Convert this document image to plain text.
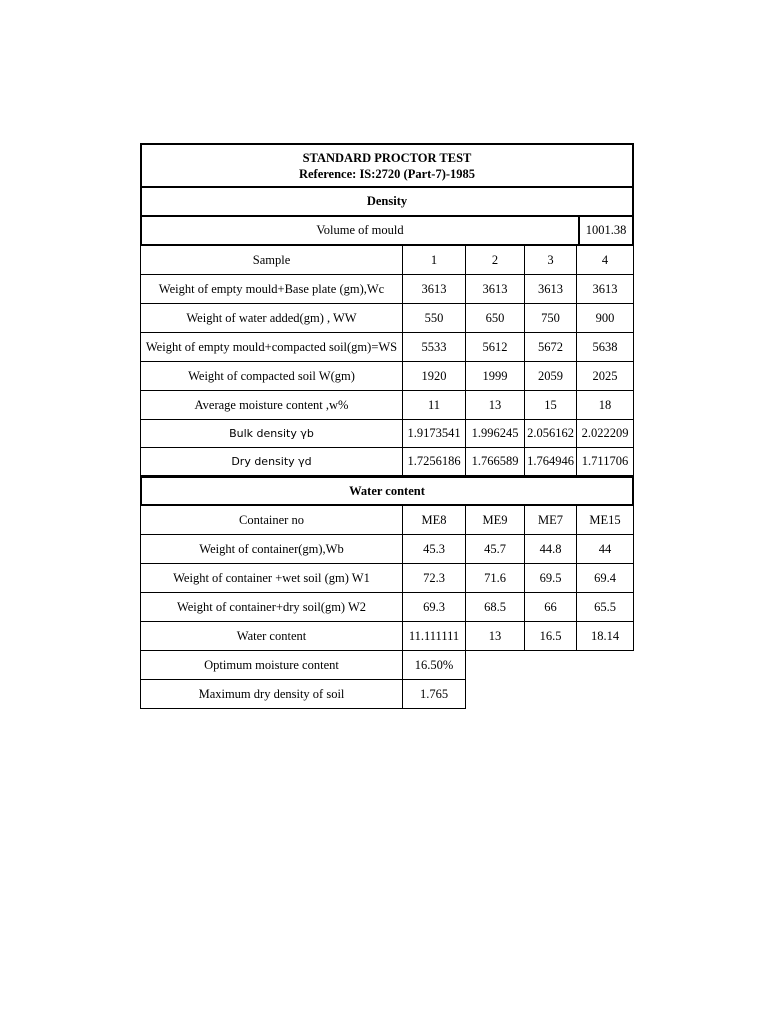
STANDARD PROCTOR TEST
Reference: IS:2720 (Part-7)-1985
Density
Volume of mould	1001.38
Sample	1	2	3	4
Weight of empty mould+Base plate (gm),Wc	3613	3613	3613	3613
Weight of water added(gm) , WW	550	650	750	900
Weight of empty mould+compacted soil(gm)=WS	5533	5612	5672	5638
Weight of compacted soil W(gm)	1920	1999	2059	2025
Average moisture content ,w%	11	13	15	18
Bulk density γb	1.9173541 1.996245 2.056162 2.022209
Dry density γd	1.7256186 1.766589 1.764946 1.711706
Water content
Container no	ME8	ME9	ME7	ME15
Weight of container(gm),Wb	45.3	45.7	44.8	44
Weight of container +wet soil (gm) W1	72.3	71.6	69.5	69.4
Weight of container+dry soil(gm) W2	69.3	68.5	66	65.5
Water content	11.111111	13	16.5	18.14
Optimum moisture content	16.50%
Maximum dry density of soil	1.765
